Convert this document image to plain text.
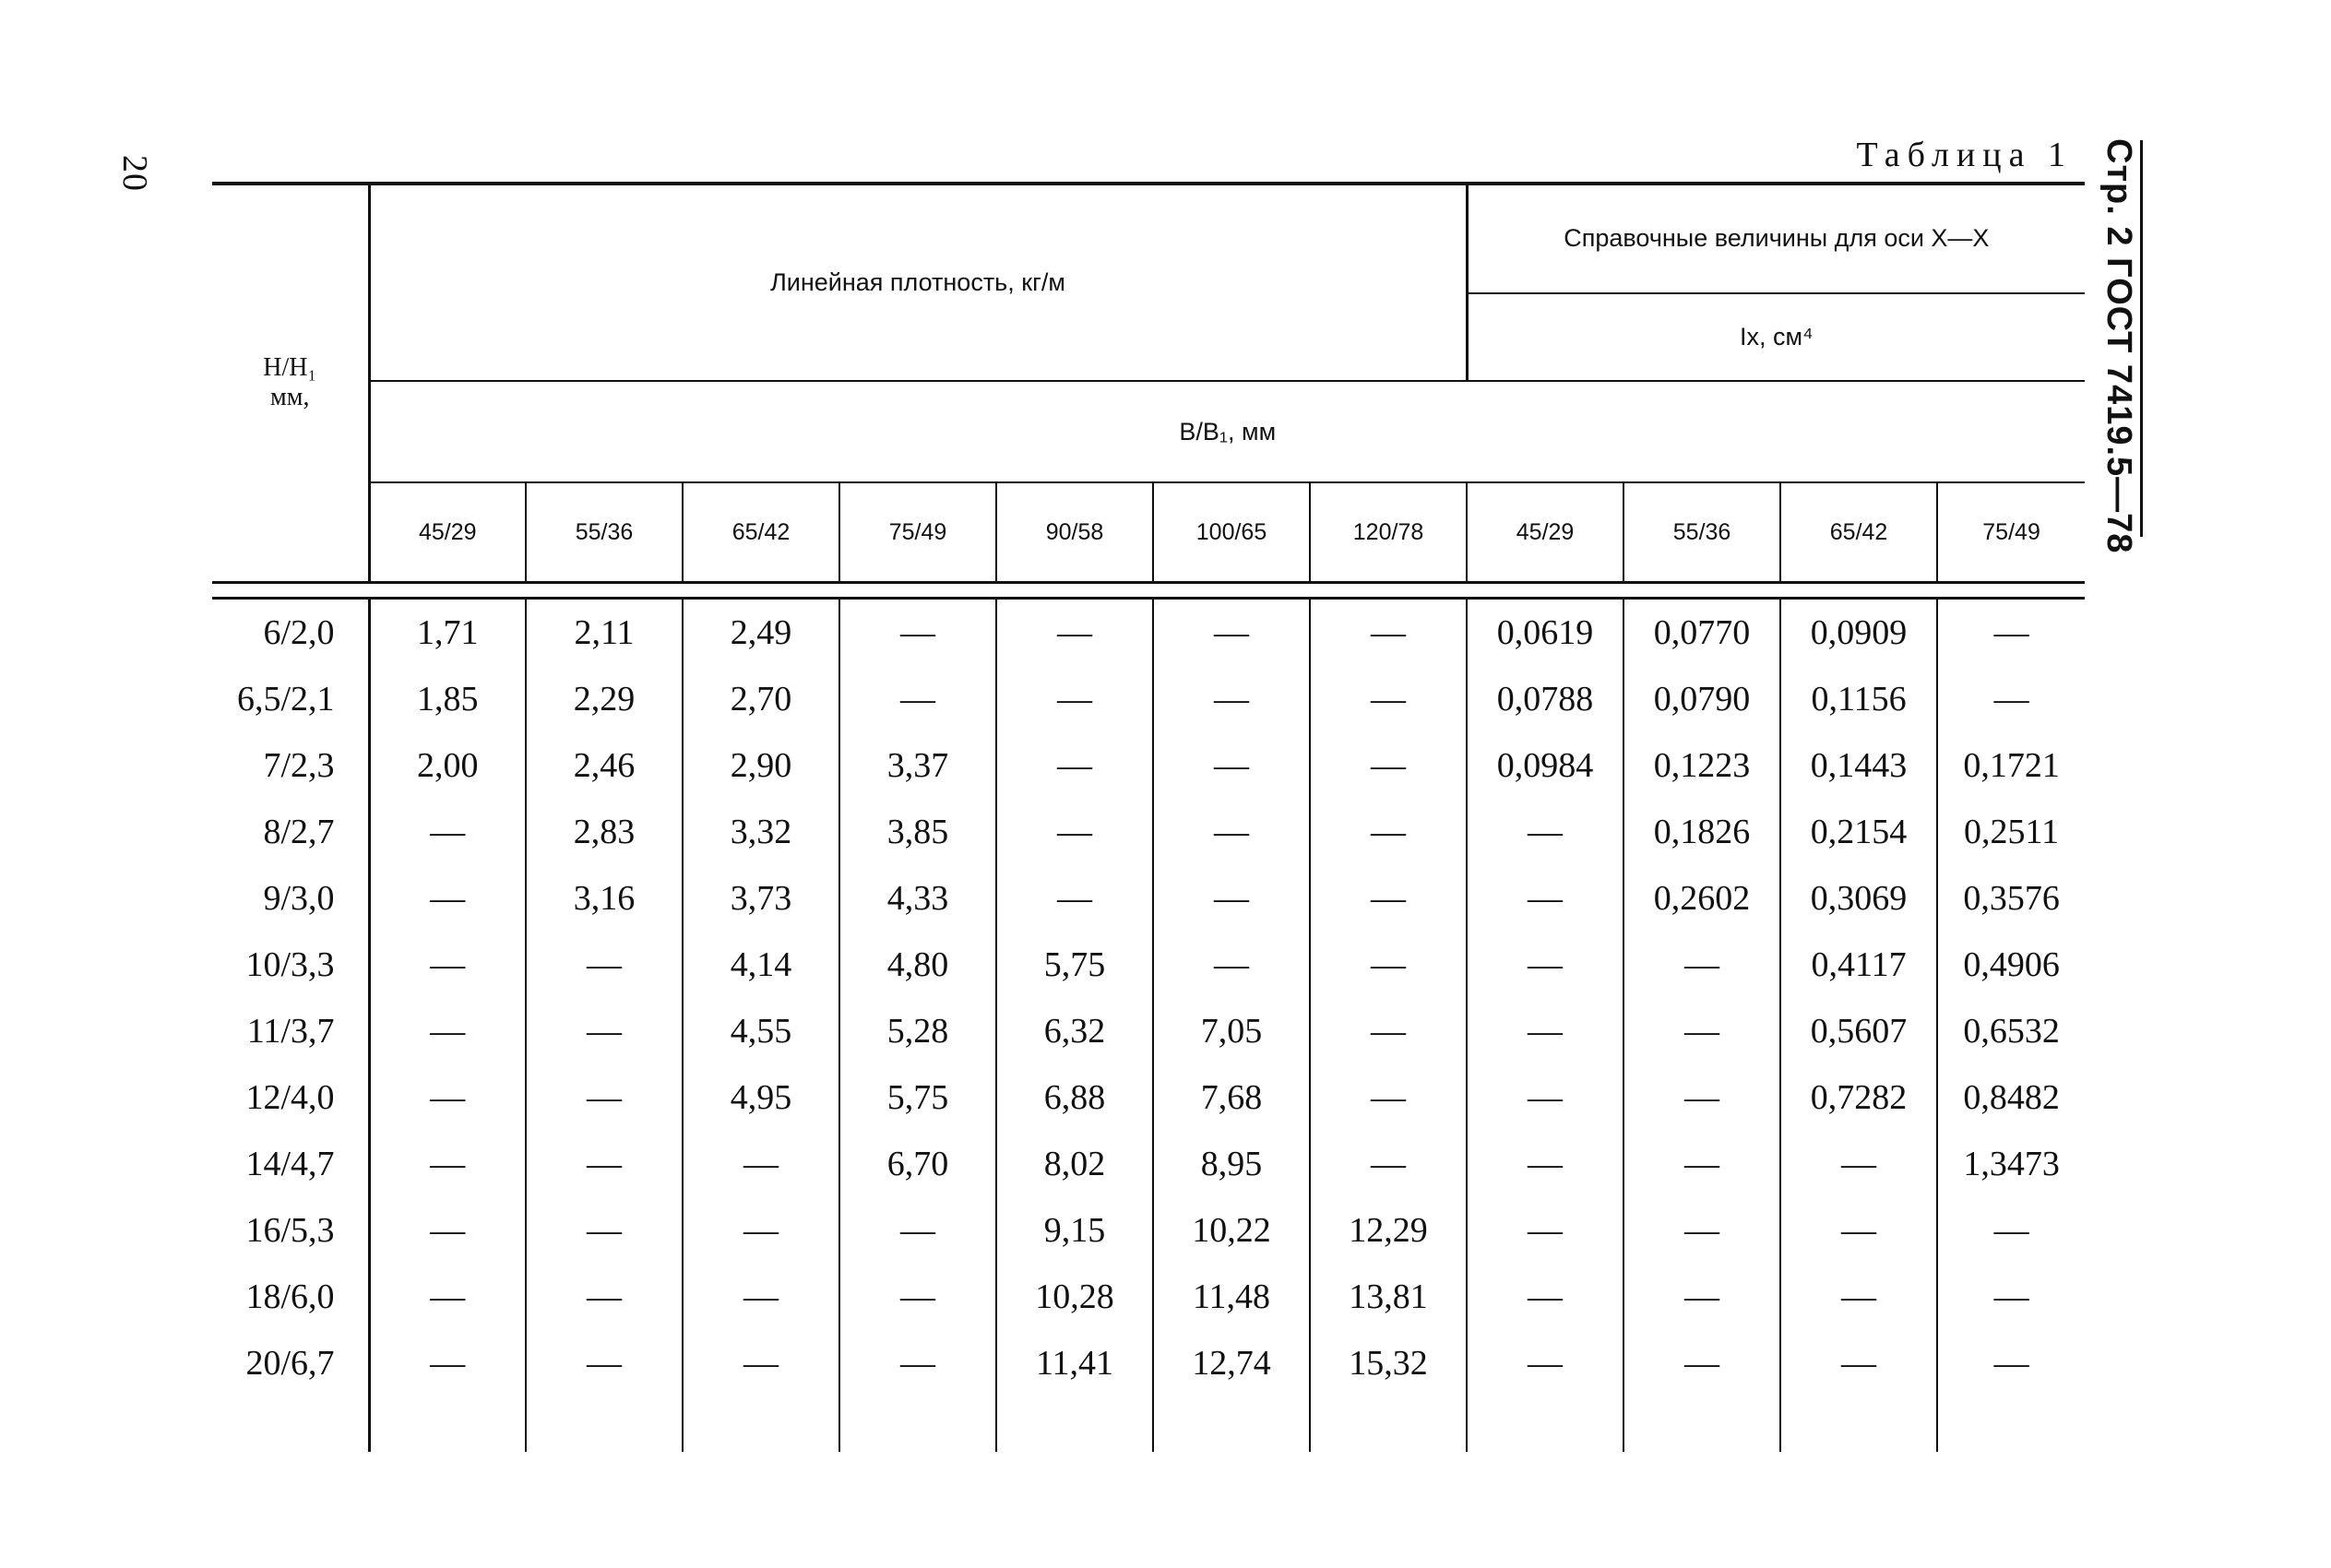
20	Таблица 1 Стр. 2 ГОСТ 7419.5—78
H/H₁
мм,	Линейная плотность, кг/м							Справочные величины для оси X—X			
								Ix, см⁴			
	B/B₁, мм										
	45/29	55/36	65/42	75/49	90/58	100/65	120/78	45/29	55/36	65/42	75/49

6/2,0	1,71	2,11	2,49	—	—	—	—	0,0619	0,0770	0,0909	—
6,5/2,1	1,85	2,29	2,70	—	—	—	—	0,0788	0,0790	0,1156	—
7/2,3	2,00	2,46	2,90	3,37	—	—	—	0,0984	0,1223	0,1443	0,1721
8/2,7	—	2,83	3,32	3,85	—	—	—	—	0,1826	0,2154	0,2511
9/3,0	—	3,16	3,73	4,33	—	—	—	—	0,2602	0,3069	0,3576
10/3,3	—	—	4,14	4,80	5,75	—	—	—	—	0,4117	0,4906
11/3,7	—	—	4,55	5,28	6,32	7,05	—	—	—	0,5607	0,6532
12/4,0	—	—	4,95	5,75	6,88	7,68	—	—	—	0,7282	0,8482
14/4,7	—	—	—	6,70	8,02	8,95	—	—	—	—	1,3473
16/5,3	—	—	—	—	9,15	10,22	12,29	—	—	—	—
18/6,0	—	—	—	—	10,28	11,48	13,81	—	—	—	—
20/6,7	—	—	—	—	11,41	12,74	15,32	—	—	—	—
